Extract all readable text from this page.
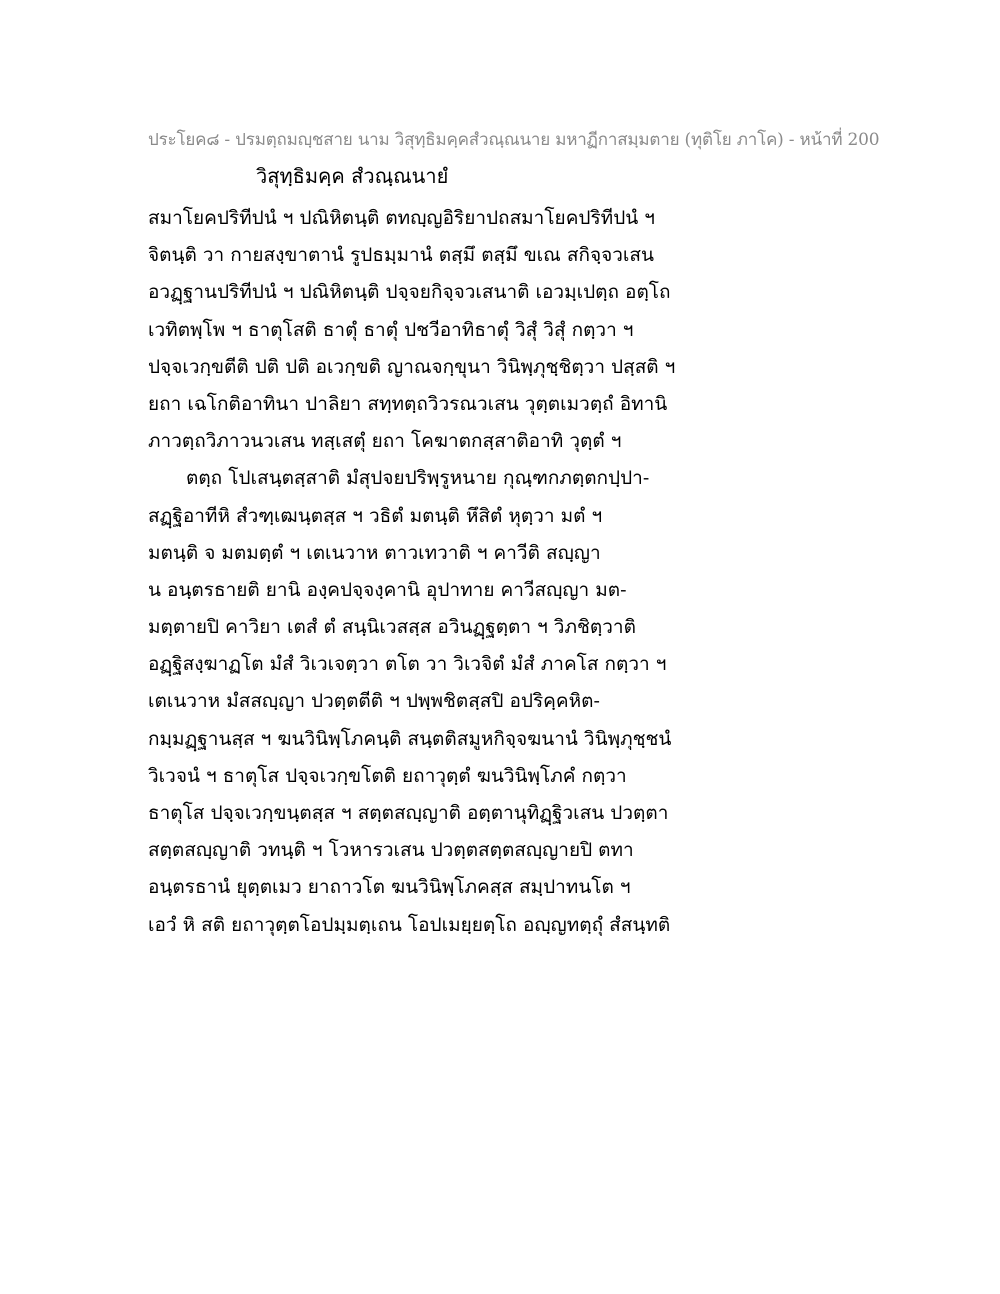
ประโยค๘ - ปรมตฺถมญฺชสาย นาม วิสุทฺธิมคฺคสํวณฺณนาย มหาฏีกาสมฺมตาย (ทุติโย ภาโค) - หน้าที่ 200
วิสุทฺธิมคฺค สํวณฺณนายํ
สมาโยคปริทีปนํ ฯ ปณิหิตนฺติ ตทญฺญอิริยาปถสมาโยคปริทีปนํ ฯ
จิตนฺติ วา กายสงฺขาตานํ รูปธมฺมานํ ตสฺมึ ตสฺมึ ขเณ สกิจฺจวเสน
อวฏฺฐานปริทีปนํ ฯ ปณิหิตนฺติ ปจฺจยกิจฺจวเสนาติ เอวมฺเปตฺถ อตฺโถ
เวทิตพฺโพ ฯ ธาตุโสติ ธาตุํ ธาตุํ ปชวีอาทิธาตุํ วิสุํ วิสุํ กตฺวา ฯ
ปจฺจเวกฺขตีติ ปติ ปติ อเวกฺขติ ญาณจกฺขุนา วินิพฺภุชฺชิตฺวา ปสฺสติ ฯ
ยถา เฉโกติอาทินา ปาลิยา สทฺทตฺถวิวรณวเสน วุตฺตเมวตฺถํ อิทานิ
ภาวตฺถวิภาวนวเสน ทสฺเสตุํ ยถา โคฆาตกสฺสาติอาทิ วุตฺตํ ฯ
ตตฺถ โปเสนฺตสฺสาติ มํสุปจยปริพฺรูหนาย กุณฺฑกภตฺตกปฺปา-
สฏฺฐิอาทีหิ สํวฑฺเฒนฺตสฺส ฯ วธิตํ มตนฺติ หึสิตํ หุตฺวา มตํ ฯ
มตนฺติ จ มตมตฺตํ ฯ เตเนวาห ตาวเทวาติ ฯ คาวีติ สญฺญา
น อนฺตรธายติ ยานิ องฺคปจฺจงฺคานิ อุปาทาย คาวีสญฺญา มต-
มตฺตายปิ คาวิยา เตสํ ตํ สนฺนิเวสสฺส อวินฏฺฐตฺตา ฯ วิภชิตฺวาติ
อฏฺฐิสงฺฆาฏโต มํสํ วิเวเจตฺวา ตโต วา วิเวจิตํ มํสํ ภาคโส กตฺวา ฯ
เตเนวาห มํสสญฺญา ปวตฺตตีติ ฯ ปพฺพชิตสฺสปิ อปริคฺคหิต-
กมฺมฏฺฐานสฺส ฯ ฆนวินิพฺโภคนฺติ สนฺตติสมูหกิจฺจฆนานํ วินิพฺภุชฺชนํ
วิเวจนํ ฯ ธาตุโส ปจฺจเวกฺขโตติ ยถาวุตฺตํ ฆนวินิพฺโภคํ กตฺวา
ธาตุโส ปจฺจเวกฺขนฺตสฺส ฯ สตฺตสญฺญาติ อตฺตานุทิฏฺฐิวเสน ปวตฺตา
สตฺตสญฺญาติ วทนฺติ ฯ โวหารวเสน ปวตฺตสตฺตสญฺญายปิ ตทา
อนฺตรธานํ ยุตฺตเมว ยาถาวโต ฆนวินิพฺโภคสฺส สมฺปาทนโต ฯ
เอวํ หิ สติ ยถาวุตฺตโอปมฺมตฺเถน โอปเมยฺยตฺโถ อญฺญทตฺถุํ สํสนฺทติ
